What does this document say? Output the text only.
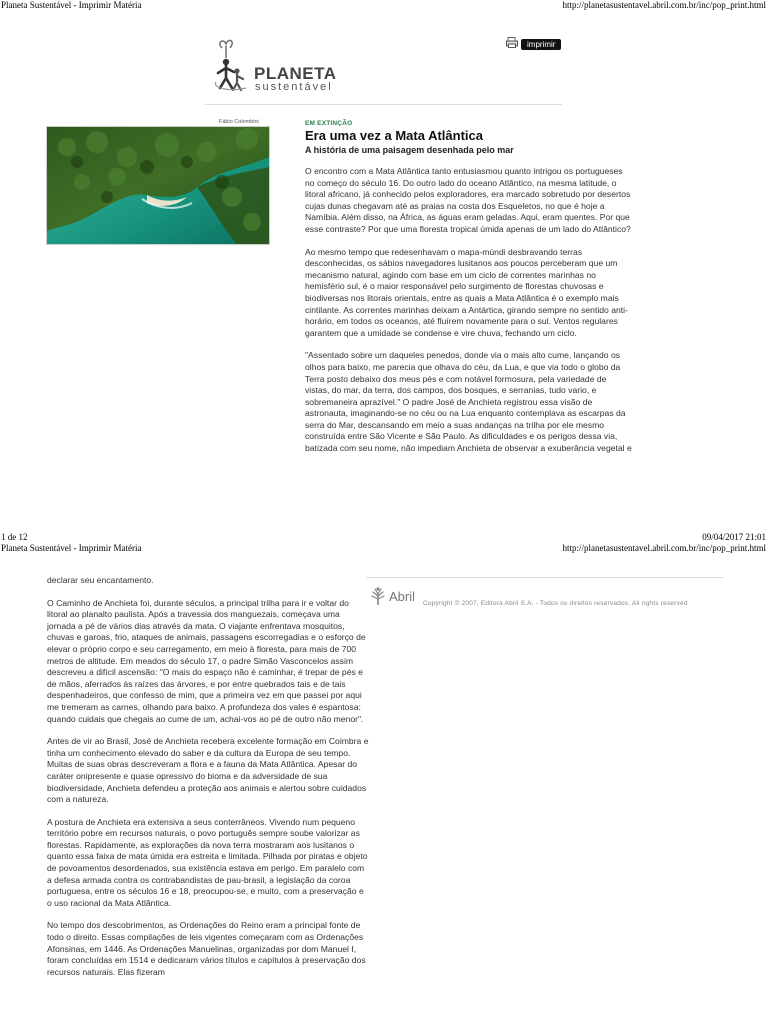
Planeta Sustentável - Imprimir Matéria	http://planetasustentavel.abril.com.br/inc/pop_print.html
imprimir
PLANETA
sustentável
Fábio Colombini	EM EXTINÇÃO
Era uma vez a Mata Atlântica
A história de uma paisagem desenhada pelo mar

O encontro com a Mata Atlântica tanto entusiasmou quanto intrigou os portugueses no começo do século 16. Do outro lado do oceano Atlântico, na mesma latitude, o litoral africano, já conhecido pelos exploradores, era marcado sobretudo por desertos cujas dunas chegavam até as praias na costa dos Esqueletos, no que é hoje a Namíbia. Além disso, na África, as águas eram geladas. Aqui, eram quentes. Por que esse contraste? Por que uma floresta tropical úmida apenas de um lado do Atlântico?

Ao mesmo tempo que redesenhavam o mapa-múndi desbravando terras desconhecidas, os sábios navegadores lusitanos aos poucos perceberam que um mecanismo natural, agindo com base em um ciclo de correntes marinhas no hemisfério sul, é o maior responsável pelo surgimento de florestas chuvosas e biodiversas nos litorais orientais, entre as quais a Mata Atlântica é o exemplo mais cintilante. As correntes marinhas deixam a Antártica, girando sempre no sentido anti-horário, em todos os oceanos, até fluírem novamente para o sul. Ventos regulares garantem que a umidade se condense e vire chuva, fechando um ciclo.

"Assentado sobre um daqueles penedos, donde via o mais alto cume, lançando os olhos para baixo, me parecia que olhava do céu, da Lua, e que via todo o globo da Terra posto debaixo dos meus pés e com notável formosura, pela variedade de vistas, do mar, da terra, dos campos, dos bosques, e serranias, tudo vario, e sobremaneira aprazível." O padre José de Anchieta registrou essa visão de astronauta, imaginando-se no céu ou na Lua enquanto contemplava as escarpas da serra do Mar, descansando em meio a suas andanças na trilha por ele mesmo construída entre São Vicente e São Paulo. As dificuldades e os perigos dessa via, batizada com seu nome, não impediam Anchieta de observar a exuberância vegetal e

1 de 12	09/04/2017 21:01
Planeta Sustentável - Imprimir Matéria	http://planetasustentavel.abril.com.br/inc/pop_print.html

declarar seu encantamento.

O Caminho de Anchieta foi, durante séculos, a principal trilha para ir e voltar do litoral ao planalto paulista. Após a travessia dos manguezais, começava uma jornada a pé de vários dias através da mata. O viajante enfrentava mosquitos, chuvas e garoas, frio, ataques de animais, passagens escorregadias e o esforço de elevar o próprio corpo e seu carregamento, em meio à floresta, para mais de 700 metros de altitude. Em meados do século 17, o padre Simão Vasconcelos assim descreveu a difícil ascensão: "O mais do espaço não é caminhar, é trepar de pés e de mãos, aferrados às raízes das árvores, e por entre quebrados tais e de tais despenhadeiros, que confesso de mim, que a primeira vez em que passei por aqui me tremeram as carnes, olhando para baixo. A profundeza dos vales é espantosa: quando cuidais que chegais ao cume de um, achai-vos ao pé de outro não menor".

Antes de vir ao Brasil, José de Anchieta recebera excelente formação em Coimbra e tinha um conhecimento elevado do saber e da cultura da Europa de seu tempo. Muitas de suas obras descreveram a flora e a fauna da Mata Atlântica. Apesar do caráter onipresente e quase opressivo do bioma e da adversidade de sua biodiversidade, Anchieta defendeu a proteção aos animais e alertou sobre cuidados com a natureza.

A postura de Anchieta era extensiva a seus conterrâneos. Vivendo num pequeno território pobre em recursos naturais, o povo português sempre soube valorizar as florestas. Rapidamente, as explorações da nova terra mostraram aos lusitanos o quanto essa faixa de mata úmida era estreita e limitada. Pilhada por piratas e objeto de povoamentos desordenados, sua existência estava em perigo. Em paralelo com a defesa armada contra os contrabandistas de pau-brasil, a legislação da coroa portuguesa, entre os séculos 16 e 18, preocupou-se, e muito, com a preservação e o uso racional da Mata Atlântica.

No tempo dos descobrimentos, as Ordenações do Reino eram a principal fonte de todo o direito. Essas compilações de leis vigentes começaram com as Ordenações Afonsinas, em 1446. As Ordenações Manuelinas, organizadas por dom Manuel I, foram concluídas em 1514 e dedicaram vários títulos e capítulos à preservação dos recursos naturais. Elas fizeram

Abril Copyright © 2007, Editora Abril S.A. - Todos os direitos reservados. All rights reserved
